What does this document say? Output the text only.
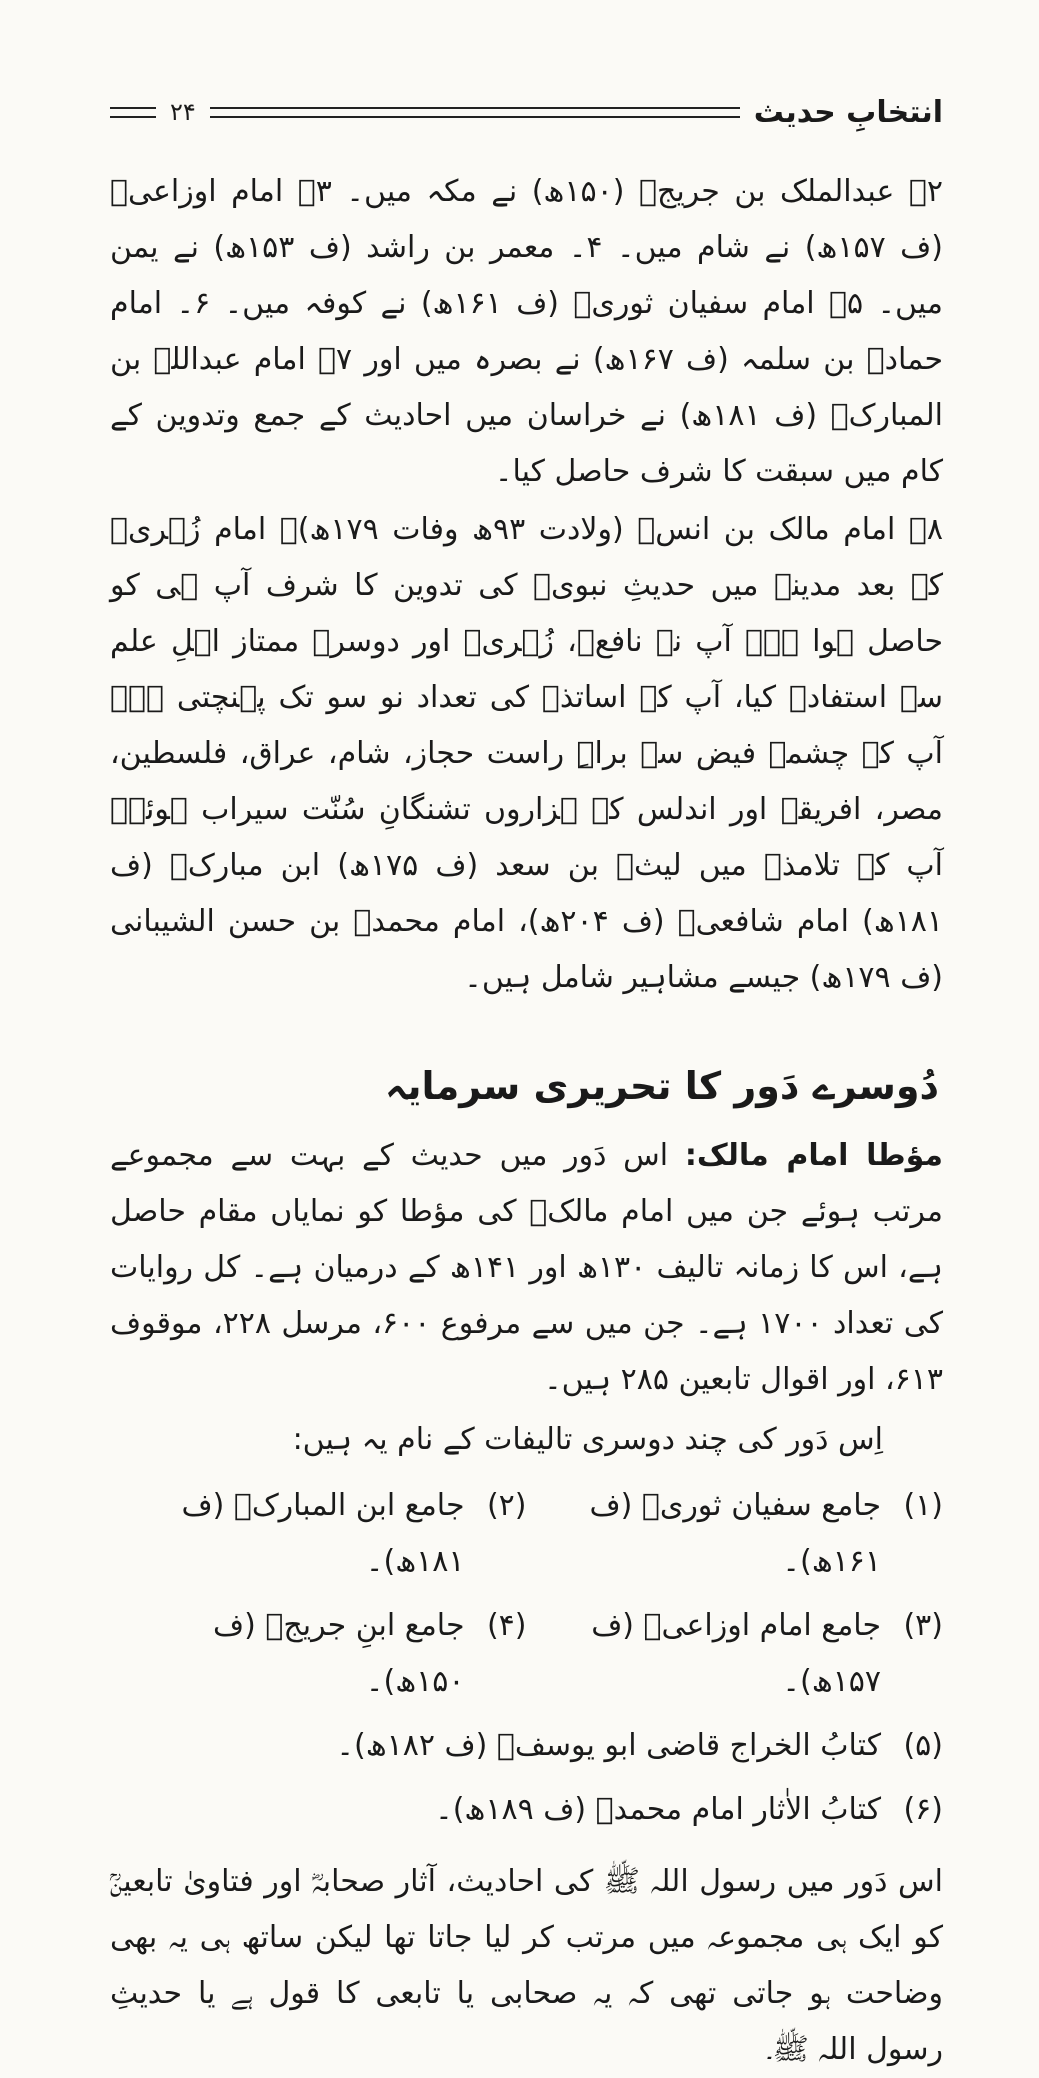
انتخابِ حدیث
۲۴

۲۔ عبدالملک بن جریجؒ (۱۵۰ھ) نے مکہ میں۔ ۳۔ امام اوزاعیؒ (ف ۱۵۷ھ) نے شام میں۔ ۴۔ معمر بن راشد (ف ۱۵۳ھ) نے یمن میں۔ ۵۔ امام سفیان ثوریؒ (ف ۱۶۱ھ) نے کوفہ میں۔ ۶۔ امام حمادؒ بن سلمہ (ف ۱۶۷ھ) نے بصرہ میں اور ۷۔ امام عبداللہ بن المبارکؒ (ف ۱۸۱ھ) نے خراسان میں احادیث کے جمع وتدوین کے کام میں سبقت کا شرف حاصل کیا۔

۸۔ امام مالک بن انسؒ (ولادت ۹۳ھ وفات ۱۷۹ھ)۔ امام زُہریؒ کے بعد مدینہ میں حدیثِ نبویؐ کی تدوین کا شرف آپ ہی کو حاصل ہوا ہے۔ آپ نے نافعؒ، زُہریؒ اور دوسرے ممتاز اہلِ علم سے استفادہ کیا، آپ کے اساتذہ کی تعداد نو سو تک پہنچتی ہے۔ آپ کے چشمۂ فیض سے براہِ راست حجاز، شام، عراق، فلسطین، مصر، افریقہ اور اندلس کے ہزاروں تشنگانِ سُنّت سیراب ہوئے۔ آپ کے تلامذہ میں لیثؒ بن سعد (ف ۱۷۵ھ) ابن مبارکؒ (ف ۱۸۱ھ) امام شافعیؒ (ف ۲۰۴ھ)، امام محمدؒ بن حسن الشیبانی (ف ۱۷۹ھ) جیسے مشاہیر شامل ہیں۔

دُوسرے دَور کا تحریری سرمایہ

مؤطا امام مالک: اس دَور میں حدیث کے بہت سے مجموعے مرتب ہوئے جن میں امام مالکؒ کی مؤطا کو نمایاں مقام حاصل ہے، اس کا زمانہ تالیف ۱۳۰ھ اور ۱۴۱ھ کے درمیان ہے۔ کل روایات کی تعداد ۱۷۰۰ ہے۔ جن میں سے مرفوع ۶۰۰، مرسل ۲۲۸، موقوف ۶۱۳، اور اقوال تابعین ۲۸۵ ہیں۔

اِس دَور کی چند دوسری تالیفات کے نام یہ ہیں:

(۱)
جامع سفیان ثوریؒ (ف ۱۶۱ھ)۔
(۲)
جامع ابن المبارکؒ (ف ۱۸۱ھ)۔
(۳)
جامع امام اوزاعیؒ (ف ۱۵۷ھ)۔
(۴)
جامع ابنِ جریجؒ (ف ۱۵۰ھ)۔
(۵)
کتابُ الخراج قاضی ابو یوسفؒ (ف ۱۸۲ھ)۔
(۶)
کتابُ الاٰثار امام محمدؒ (ف ۱۸۹ھ)۔

اس دَور میں رسول اللہ ﷺ کی احادیث، آثار صحابہؓ اور فتاویٰ تابعینؒ کو ایک ہی مجموعہ میں مرتب کر لیا جاتا تھا لیکن ساتھ ہی یہ بھی وضاحت ہو جاتی تھی کہ یہ صحابی یا تابعی کا قول ہے یا حدیثِ رسول اللہ ﷺ۔
